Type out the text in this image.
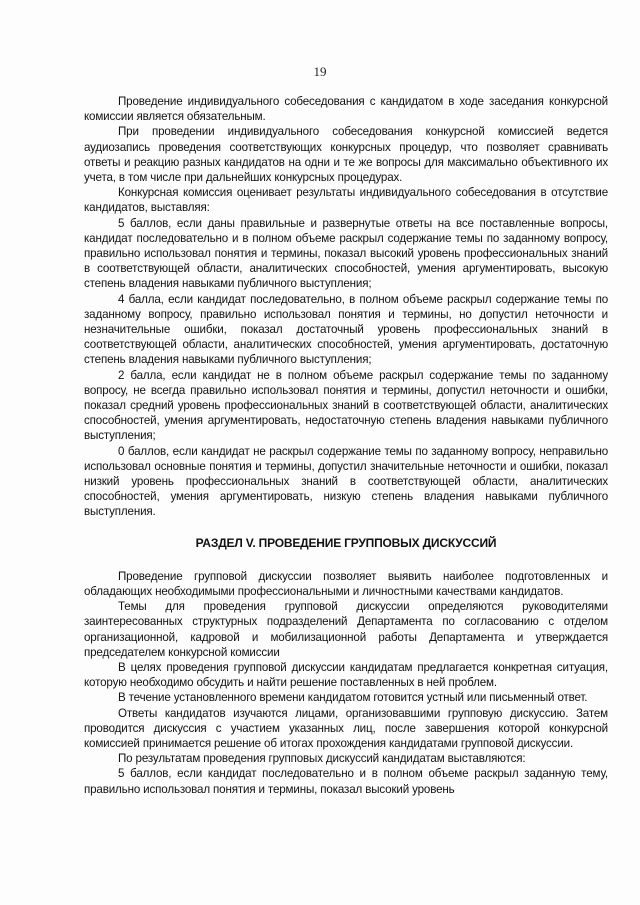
19

Проведение индивидуального собеседования с кандидатом в ходе заседания конкурсной комиссии является обязательным.

При проведении индивидуального собеседования конкурсной комиссией ведется аудиозапись проведения соответствующих конкурсных процедур, что позволяет сравнивать ответы и реакцию разных кандидатов на одни и те же вопросы для максимально объективного их учета, в том числе при дальнейших конкурсных процедурах.

Конкурсная комиссия оценивает результаты индивидуального собеседования в отсутствие кандидатов, выставляя:

5 баллов, если даны правильные и развернутые ответы на все поставленные вопросы, кандидат последовательно и в полном объеме раскрыл содержание темы по заданному вопросу, правильно использовал понятия и термины, показал высокий уровень профессиональных знаний в соответствующей области, аналитических способностей, умения аргументировать, высокую степень владения навыками публичного выступления;

4 балла, если кандидат последовательно, в полном объеме раскрыл содержание темы по заданному вопросу, правильно использовал понятия и термины, но допустил неточности и незначительные ошибки, показал достаточный уровень профессиональных знаний в соответствующей области, аналитических способностей, умения аргументировать, достаточную степень владения навыками публичного выступления;

2 балла, если кандидат не в полном объеме раскрыл содержание темы по заданному вопросу, не всегда правильно использовал понятия и термины, допустил неточности и ошибки, показал средний уровень профессиональных знаний в соответствующей области, аналитических способностей, умения аргументировать, недостаточную степень владения навыками публичного выступления;

0 баллов, если кандидат не раскрыл содержание темы по заданному вопросу, неправильно использовал основные понятия и термины, допустил значительные неточности и ошибки, показал низкий уровень профессиональных знаний в соответствующей области, аналитических способностей, умения аргументировать, низкую степень владения навыками публичного выступления.

РАЗДЕЛ V. ПРОВЕДЕНИЕ ГРУППОВЫХ ДИСКУССИЙ

Проведение групповой дискуссии позволяет выявить наиболее подготовленных и обладающих необходимыми профессиональными и личностными качествами кандидатов.

Темы для проведения групповой дискуссии определяются руководителями заинтересованных структурных подразделений Департамента по согласованию с отделом организационной, кадровой и мобилизационной работы Департамента и утверждается председателем конкурсной комиссии

В целях проведения групповой дискуссии кандидатам предлагается конкретная ситуация, которую необходимо обсудить и найти решение поставленных в ней проблем.

В течение установленного времени кандидатом готовится устный или письменный ответ.

Ответы кандидатов изучаются лицами, организовавшими групповую дискуссию. Затем проводится дискуссия с участием указанных лиц, после завершения которой конкурсной комиссией принимается решение об итогах прохождения кандидатами групповой дискуссии.

По результатам проведения групповых дискуссий кандидатам выставляются:

5 баллов, если кандидат последовательно и в полном объеме раскрыл заданную тему, правильно использовал понятия и термины, показал высокий уровень
